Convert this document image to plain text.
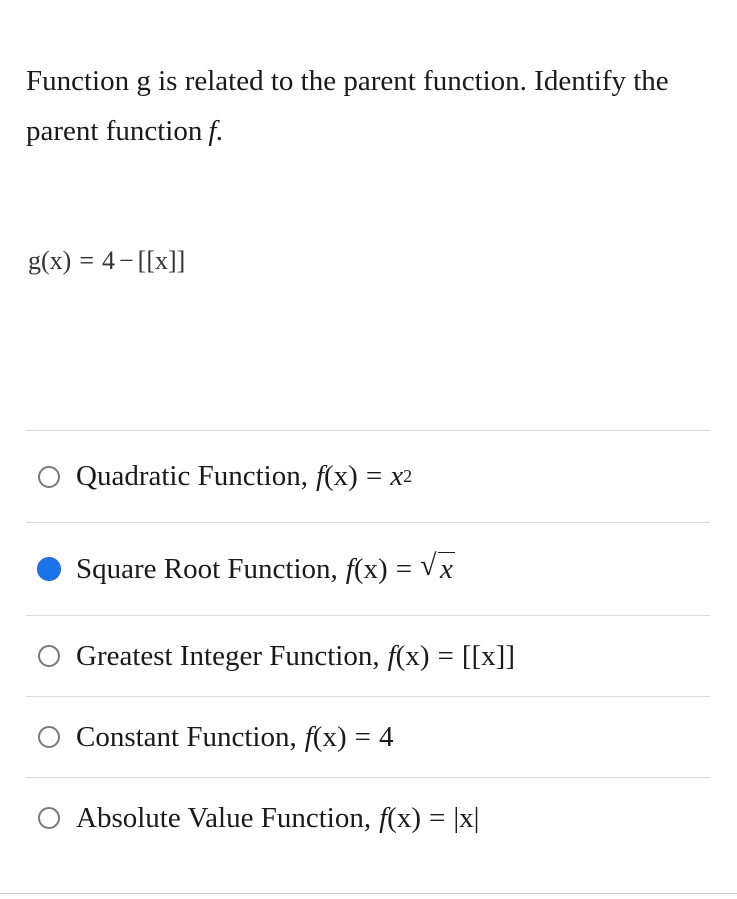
Function g is related to the parent function. Identify the parent function f.
g(x) = 4 − [[x]]
Quadratic Function, f (x) = x 2
Square Root Function, f (x) = √ x
Greatest Integer Function, f (x) = [[x]]
Constant Function, f (x) = 4
Absolute Value Function, f (x) = |x|
